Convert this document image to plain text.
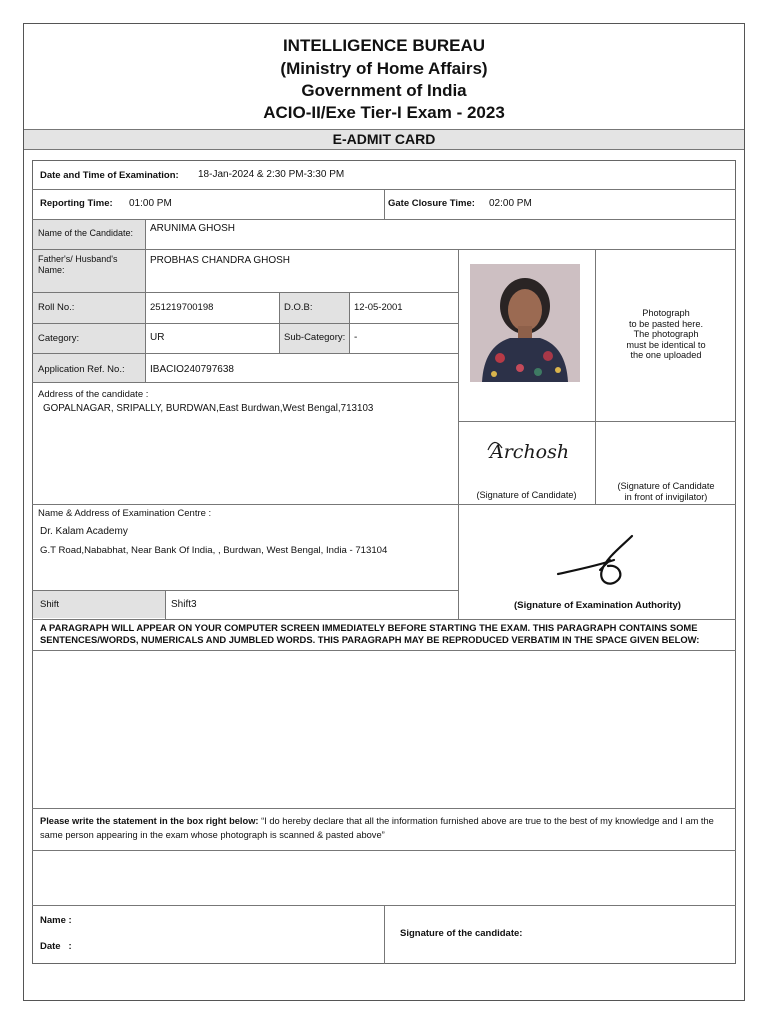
INTELLIGENCE BUREAU
(Ministry of Home Affairs)
Government of India
ACIO-II/Exe Tier-I Exam - 2023
E-ADMIT CARD
Date and Time of Examination: 18-Jan-2024 & 2:30 PM-3:30 PM
Reporting Time: 01:00 PM	Gate Closure Time: 02:00 PM
Name of the Candidate: ARUNIMA GHOSH
Father's/ Husband's Name:
PROBHAS CHANDRA GHOSH
Roll No.:	251219700198	D.O.B:	12-05-2001
Category:	UR	Sub-Category: -
Application Ref. No.:	IBACIO240797638
Address of the candidate :
GOPALNAGAR, SRIPALLY, BURDWAN,East Burdwan,West Bengal,713103
Photograph
to be pasted here.
The photograph
must be identical to
the one uploaded
Archosh
(Signature of Candidate)
(Signature of Candidate
in front of invigilator)
Name & Address of Examination Centre :
Dr. Kalam Academy
G.T Road,Nababhat, Near Bank Of India, , Burdwan, West Bengal, India - 713104
Shift	Shift3	(Signature of Examination Authority)
A PARAGRAPH WILL APPEAR ON YOUR COMPUTER SCREEN IMMEDIATELY BEFORE STARTING THE EXAM. THIS PARAGRAPH CONTAINS SOME SENTENCES/WORDS, NUMERICALS AND JUMBLED WORDS. THIS PARAGRAPH MAY BE REPRODUCED VERBATIM IN THE SPACE GIVEN BELOW:
Please write the statement in the box right below: “I do hereby declare that all the information furnished above are true to the best of my knowledge and I am the same person appearing in the exam whose photograph is scanned & pasted above”
Name :
Date   :
Signature of the candidate:
